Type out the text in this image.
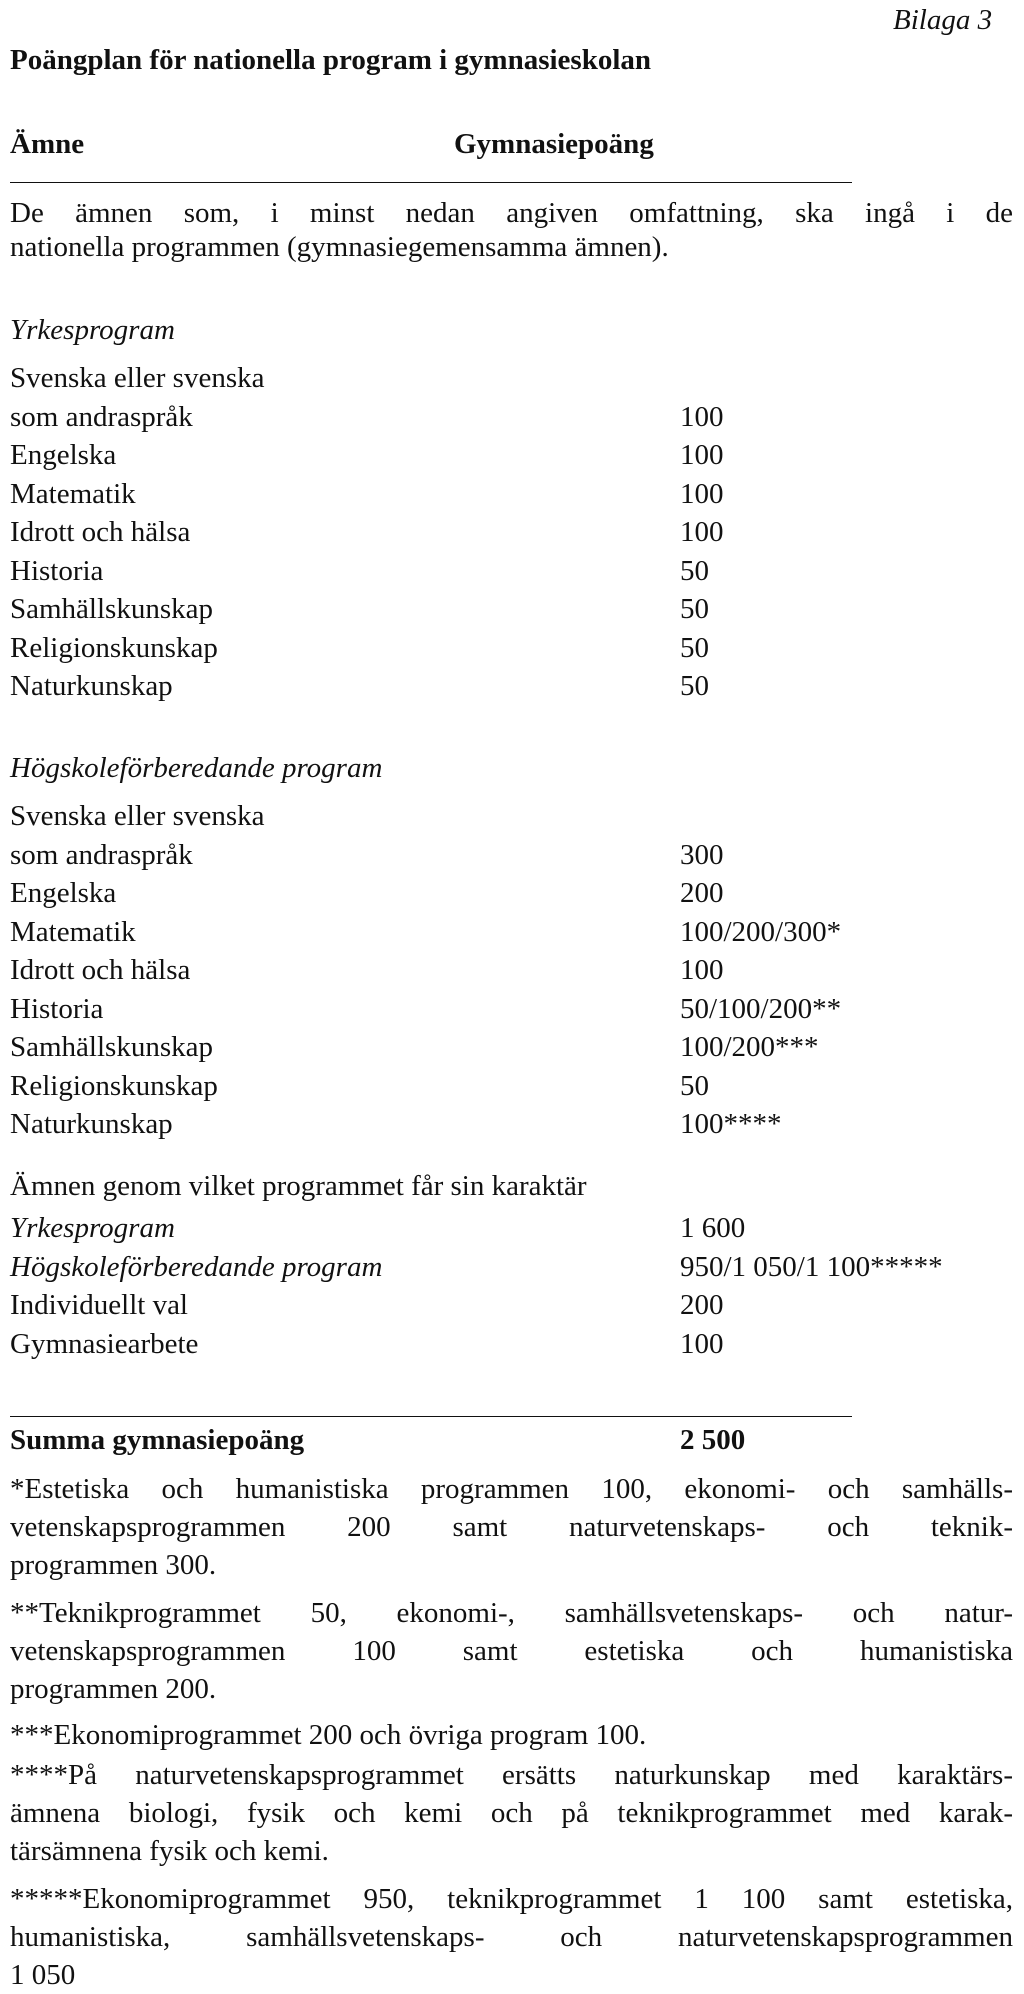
Bilaga 3
Poängplan för nationella program i gymnasieskolan
Ämne	Gymnasiepoäng
De ämnen som, i minst nedan angiven omfattning, ska ingå i de
nationella programmen (gymnasiegemensamma ämnen).
Yrkesprogram
Svenska eller svenska
som andraspråk	100
Engelska	100
Matematik	100
Idrott och hälsa	100
Historia	50
Samhällskunskap	50
Religionskunskap	50
Naturkunskap	50
Högskoleförberedande program
Svenska eller svenska
som andraspråk	300
Engelska	200
Matematik	100/200/300*
Idrott och hälsa	100
Historia	50/100/200**
Samhällskunskap	100/200***
Religionskunskap	50
Naturkunskap	100****
Ämnen genom vilket programmet får sin karaktär
Yrkesprogram	1 600
Högskoleförberedande program	950/1 050/1 100*****
Individuellt val	200
Gymnasiearbete	100
Summa gymnasiepoäng	2 500
*Estetiska och humanistiska programmen 100, ekonomi- och samhälls-
vetenskapsprogrammen 200 samt naturvetenskaps- och teknik-
programmen 300.
**Teknikprogrammet 50, ekonomi-, samhällsvetenskaps- och natur-
vetenskapsprogrammen 100 samt estetiska och humanistiska
programmen 200.
***Ekonomiprogrammet 200 och övriga program 100.
****På naturvetenskapsprogrammet ersätts naturkunskap med karaktärs-
ämnena biologi, fysik och kemi och på teknikprogrammet med karak-
tärsämnena fysik och kemi.
*****Ekonomiprogrammet 950, teknikprogrammet 1 100 samt estetiska,
humanistiska, samhällsvetenskaps- och naturvetenskapsprogrammen
1 050
